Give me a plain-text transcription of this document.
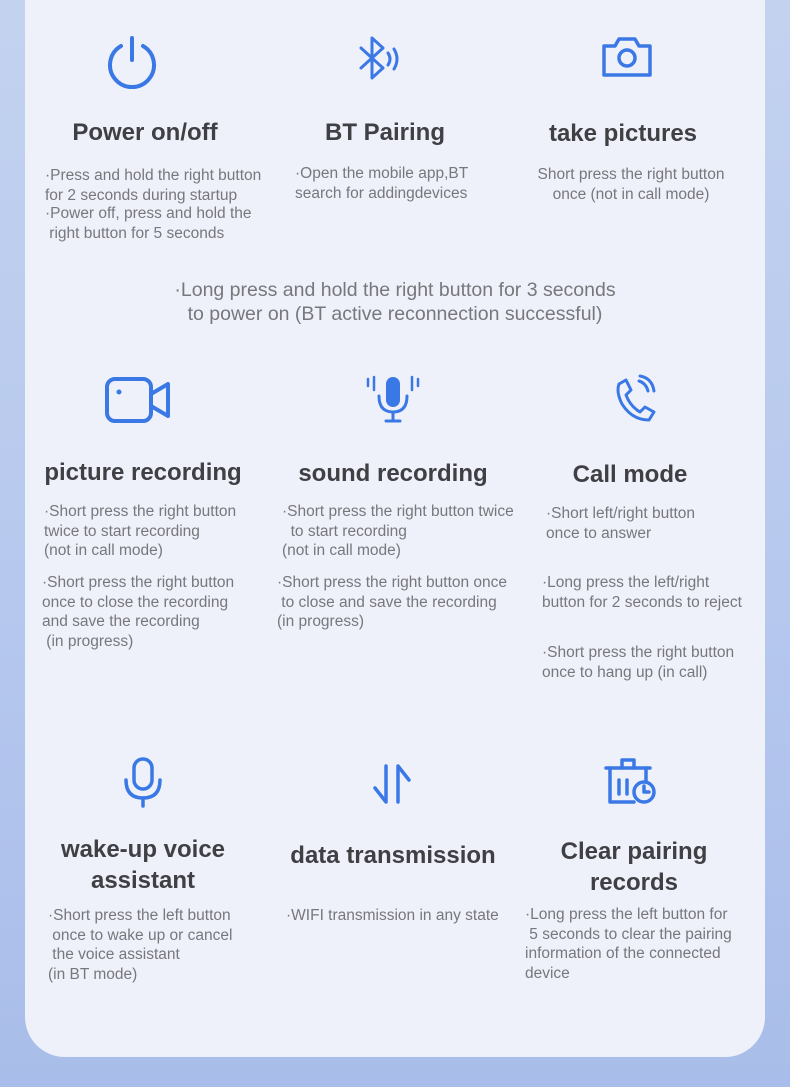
Power on/off

·Press and hold the right button
for 2 seconds during startup

·Power off, press and hold the
right button for 5 seconds

BT Pairing

·Open the mobile app,BT
search for addingdevices

take pictures

Short press the right button
once (not in call mode)

·Long press and hold the right button for 3 seconds
to power on (BT active reconnection successful)

picture recording

·Short press the right button
twice to start recording
(not in call mode)

·Short press the right button
once to close the recording
and save the recording
(in progress)

sound recording

·Short press the right button twice
to start recording
(not in call mode)

·Short press the right button once
to close and save the recording
(in progress)

Call mode

·Short left/right button
once to answer

·Long press the left/right
button for 2 seconds to reject

·Short press the right button
once to hang up (in call)

wake-up voice
assistant

·Short press the left button
once to wake up or cancel
the voice assistant
(in BT mode)

data transmission

·WIFI transmission in any state

Clear pairing
records

·Long press the left button for
5 seconds to clear the pairing
information of the connected
device
